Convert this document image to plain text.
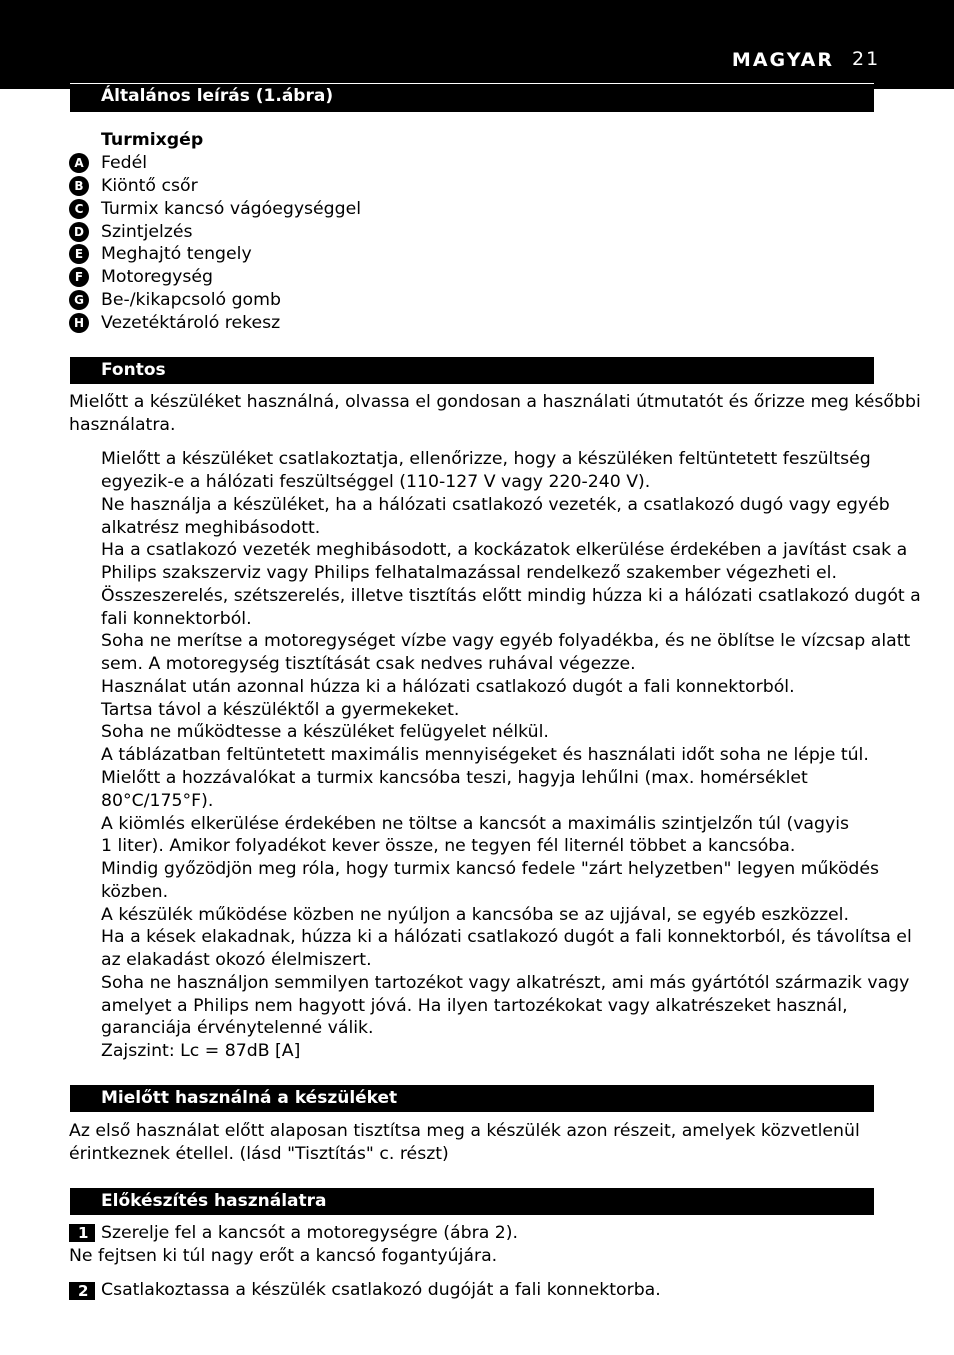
MAGYAR 21
Általános leírás (1.ábra)
Turmixgép
A	Fedél
B	Kiöntő csőr
C	Turmix kancsó vágóegységgel
D Szintjelzés
E	Meghajtó tengely
F	Motoregység
G Be-/kikapcsoló gomb
H Vezetéktároló rekesz
Fontos
Mielőtt a készüléket használná, olvassa el gondosan a használati útmutatót és őrizze meg későbbi
használatra.
Mielőtt a készüléket csatlakoztatja, ellenőrizze, hogy a készüléken feltüntetett feszültség
egyezik-e a hálózati feszültséggel (110-127 V vagy 220-240 V).
Ne használja a készüléket, ha a hálózati csatlakozó vezeték, a csatlakozó dugó vagy egyéb
alkatrész meghibásodott.
Ha a csatlakozó vezeték meghibásodott, a kockázatok elkerülése érdekében a javítást csak a
Philips szakszerviz vagy Philips felhatalmazással rendelkező szakember végezheti el.
Összeszerelés, szétszerelés, illetve tisztítás előtt mindig húzza ki a hálózati csatlakozó dugót a
fali konnektorból.
Soha ne merítse a motoregységet vízbe vagy egyéb folyadékba, és ne öblítse le vízcsap alatt
sem. A motoregység tisztítását csak nedves ruhával végezze.
Használat után azonnal húzza ki a hálózati csatlakozó dugót a fali konnektorból.
Tartsa távol a készüléktől a gyermekeket.
Soha ne működtesse a készüléket felügyelet nélkül.
A táblázatban feltüntetett maximális mennyiségeket és használati időt soha ne lépje túl.
Mielőtt a hozzávalókat a turmix kancsóba teszi, hagyja lehűlni (max. homérséklet
80°C/175°F).
A kiömlés elkerülése érdekében ne töltse a kancsót a maximális szintjelzőn túl (vagyis
1 liter). Amikor folyadékot kever össze, ne tegyen fél liternél többet a kancsóba.
Mindig győzödjön meg róla, hogy turmix kancsó fedele "zárt helyzetben" legyen működés
közben.
A készülék működése közben ne nyúljon a kancsóba se az ujjával, se egyéb eszközzel.
Ha a kések elakadnak, húzza ki a hálózati csatlakozó dugót a fali konnektorból, és távolítsa el
az elakadást okozó élelmiszert.
Soha ne használjon semmilyen tartozékot vagy alkatrészt, ami más gyártótól származik vagy
amelyet a Philips nem hagyott jóvá. Ha ilyen tartozékokat vagy alkatrészeket használ,
garanciája érvénytelenné válik.
Zajszint: Lc = 87dB [A]
Mielőtt használná a készüléket
Az első használat előtt alaposan tisztítsa meg a készülék azon részeit, amelyek közvetlenül
érintkeznek étellel. (lásd "Tisztítás" c. részt)
Előkészítés használatra
1 Szerelje fel a kancsót a motoregységre (ábra 2).
Ne fejtsen ki túl nagy erőt a kancsó fogantyújára.
2 Csatlakoztassa a készülék csatlakozó dugóját a fali konnektorba.
